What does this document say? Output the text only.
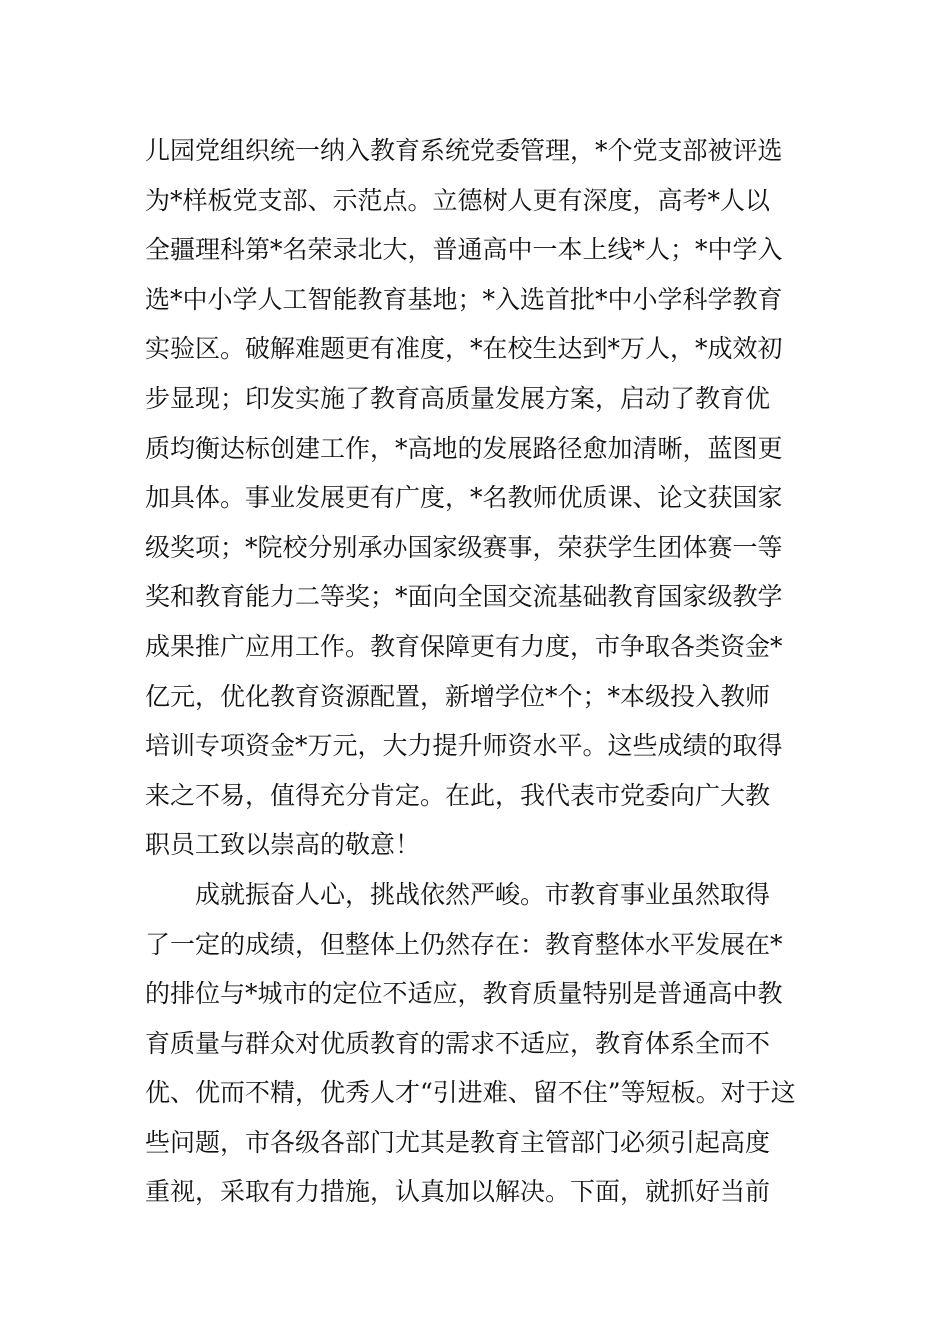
儿园党组织统一纳入教育系统党委管理，*个党支部被评选
为*样板党支部、示范点。立德树人更有深度，高考*人以
全疆理科第*名荣录北大，普通高中一本上线*人；*中学入
选*中小学人工智能教育基地；*入选首批*中小学科学教育
实验区。破解难题更有准度，*在校生达到*万人，*成效初
步显现；印发实施了教育高质量发展方案，启动了教育优
质均衡达标创建工作，*高地的发展路径愈加清晰，蓝图更
加具体。事业发展更有广度，*名教师优质课、论文获国家
级奖项；*院校分别承办国家级赛事，荣获学生团体赛一等
奖和教育能力二等奖；*面向全国交流基础教育国家级教学
成果推广应用工作。教育保障更有力度，市争取各类资金*
亿元，优化教育资源配置，新增学位*个；*本级投入教师
培训专项资金*万元，大力提升师资水平。这些成绩的取得
来之不易，值得充分肯定。在此，我代表市党委向广大教
职员工致以崇高的敬意！
成就振奋人心，挑战依然严峻。市教育事业虽然取得
了一定的成绩，但整体上仍然存在：教育整体水平发展在*
的排位与*城市的定位不适应，教育质量特别是普通高中教
育质量与群众对优质教育的需求不适应，教育体系全而不
优、优而不精，优秀人才“引进难、留不住”等短板。对于这
些问题，市各级各部门尤其是教育主管部门必须引起高度
重视，采取有力措施，认真加以解决。下面，就抓好当前
